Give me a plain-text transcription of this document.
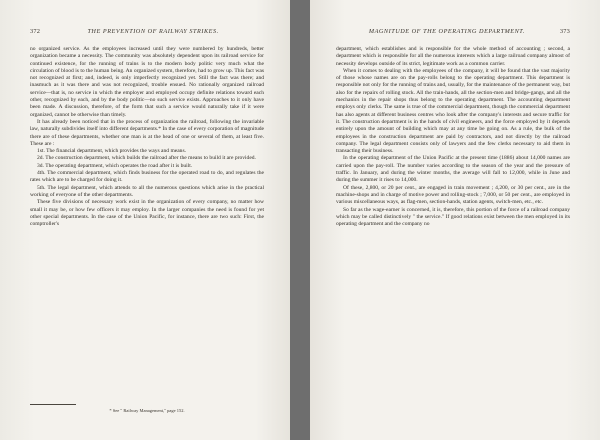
372	THE PREVENTION OF RAILWAY STRIKES.

no organized service. As the employees increased until they were numbered by hundreds, better organization became a necessity. The community was absolutely dependent upon its railroad service for continued existence, for the running of trains is to the modern body politic very much what the circulation of blood is to the human being. An organized system, therefore, had to grow up. This fact was not recognized at first; and, indeed, is only imperfectly recognized yet. Still the fact was there; and inasmuch as it was there and was not recognized, trouble ensued. No rationally organized railroad service—that is, no service in which the employer and employed occupy definite relations toward each other, recognized by each, and by the body politic—no such service exists. Approaches to it only have been made. A discussion, therefore, of the form that such a service would naturally take if it were organized, cannot be otherwise than timely.

It has already been noticed that in the process of organization the railroad, following the invariable law, naturally subdivides itself into different departments.* In the case of every corporation of magnitude there are of these departments, whether one man is at the head of one or several of them, at least five. These are :

1st. The financial department, which provides the ways and means.

2d. The construction department, which builds the railroad after the means to build it are provided.

3d. The operating department, which operates the road after it is built.

4th. The commercial department, which finds business for the operated road to do, and regulates the rates which are to be charged for doing it.

5th. The legal department, which attends to all the numerous questions which arise in the practical working of everyone of the other departments.

These five divisions of necessary work exist in the organization of every company, no matter how small it may be, or how few officers it may employ. In the larger companies the need is found for yet other special departments. In the case of the Union Pacific, for instance, there are two such: First, the comptroller's

* See " Railway Management," page 152.

MAGNITUDE OF THE OPERATING DEPARTMENT.	373

department, which establishes and is responsible for the whole method of accounting ; second, a department which is responsible for all the numerous interests which a large railroad company almost of necessity develops outside of its strict, legitimate work as a common carrier.

When it comes to dealing with the employees of the company, it will be found that the vast majority of those whose names are on the pay-rolls belong to the operating department. This department is responsible not only for the running of trains and, usually, for the maintenance of the permanent way, but also for the repairs of rolling stock. All the train-hands, all the section-men and bridge-gangs, and all the mechanics in the repair shops thus belong to the operating department. The accounting department employs only clerks. The same is true of the commercial department, though the commercial department has also agents at different business centres who look after the company's interests and secure traffic for it. The construction department is in the hands of civil engineers, and the force employed by it depends entirely upon the amount of building which may at any time be going on. As a rule, the bulk of the employees in the construction department are paid by contractors, and not directly by the railroad company. The legal department consists only of lawyers and the few clerks necessary to aid them in transacting their business.

In the operating department of the Union Pacific at the present time (1886) about 14,000 names are carried upon the pay-roll. The number varies according to the season of the year and the pressure of traffic. In January, and during the winter months, the average will fall to 12,000, while in June and during the summer it rises to 14,000.

Of these, 2,800, or 20 per cent., are engaged in train movement ; 4,200, or 30 per cent., are in the machine-shops and in charge of motive power and rolling-stock ; 7,000, or 50 per cent., are employed in various miscellaneous ways, as flag-men, section-hands, station agents, switch-men, etc., etc.

So far as the wage-earner is concerned, it is, therefore, this portion of the force of a railroad company which may be called distinctively " the service." If good relations exist between the men employed in its operating department and the company no
